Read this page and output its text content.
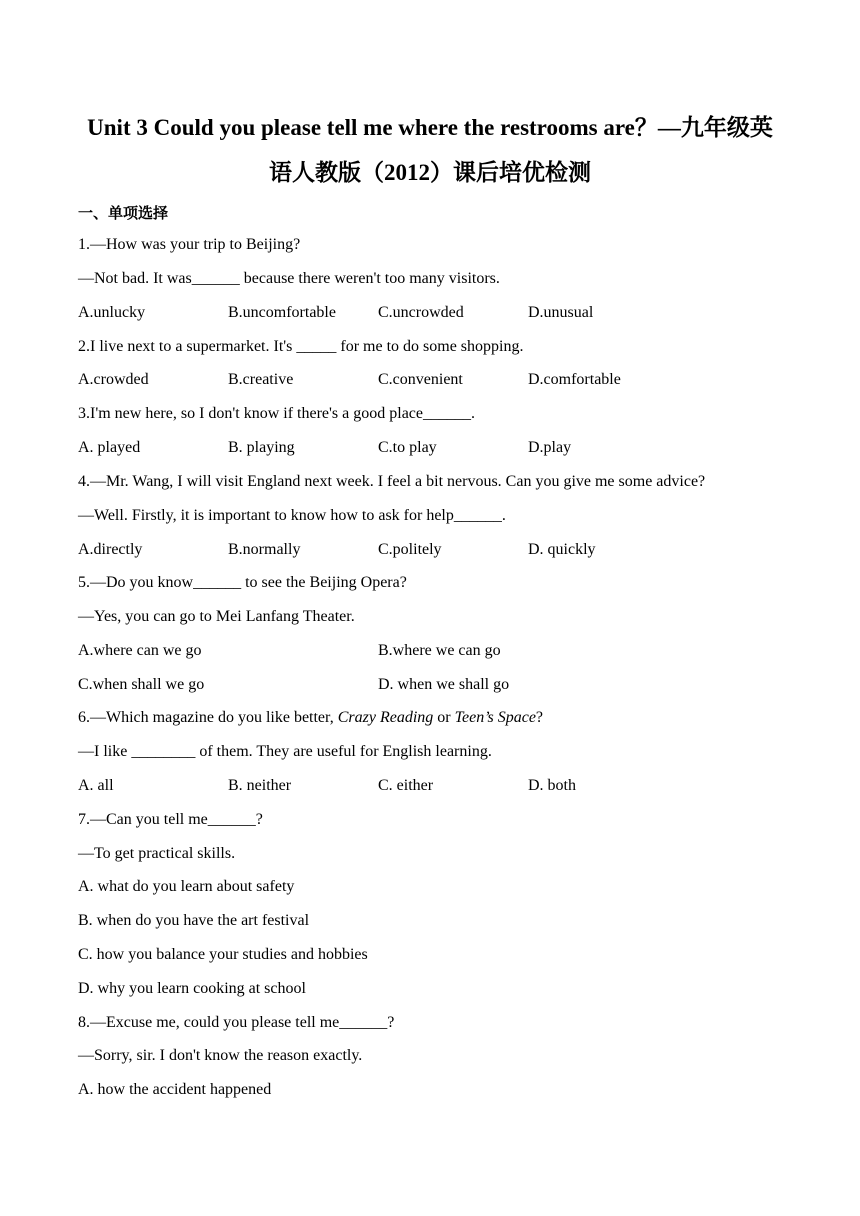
Unit 3 Could you please tell me where the restrooms are？—九年级英
语人教版（2012）课后培优检测
一、单项选择
1.—How was your trip to Beijing?
—Not bad. It was______ because there weren't too many visitors.
A.unlucky	B.uncomfortable	C.uncrowded	D.unusual
2.I live next to a supermarket. It's _____ for me to do some shopping.
A.crowded	B.creative	C.convenient	D.comfortable
3.I'm new here, so I don't know if there's a good place______.
A. played	B. playing	C.to play	D.play
4.—Mr. Wang, I will visit England next week. I feel a bit nervous. Can you give me some advice?
—Well. Firstly, it is important to know how to ask for help______.
A.directly	B.normally	C.politely	D. quickly
5.—Do you know______ to see the Beijing Opera?
—Yes, you can go to Mei Lanfang Theater.
A.where can we go	B.where we can go
C.when shall we go	D. when we shall go
6.—Which magazine do you like better, Crazy Reading or Teen’s Space?
—I like ________ of them. They are useful for English learning.
A. all	B. neither	C. either	D. both
7.—Can you tell me______?
—To get practical skills.
A. what do you learn about safety
B. when do you have the art festival
C. how you balance your studies and hobbies
D. why you learn cooking at school
8.—Excuse me, could you please tell me______?
—Sorry, sir. I don't know the reason exactly.
A. how the accident happened
